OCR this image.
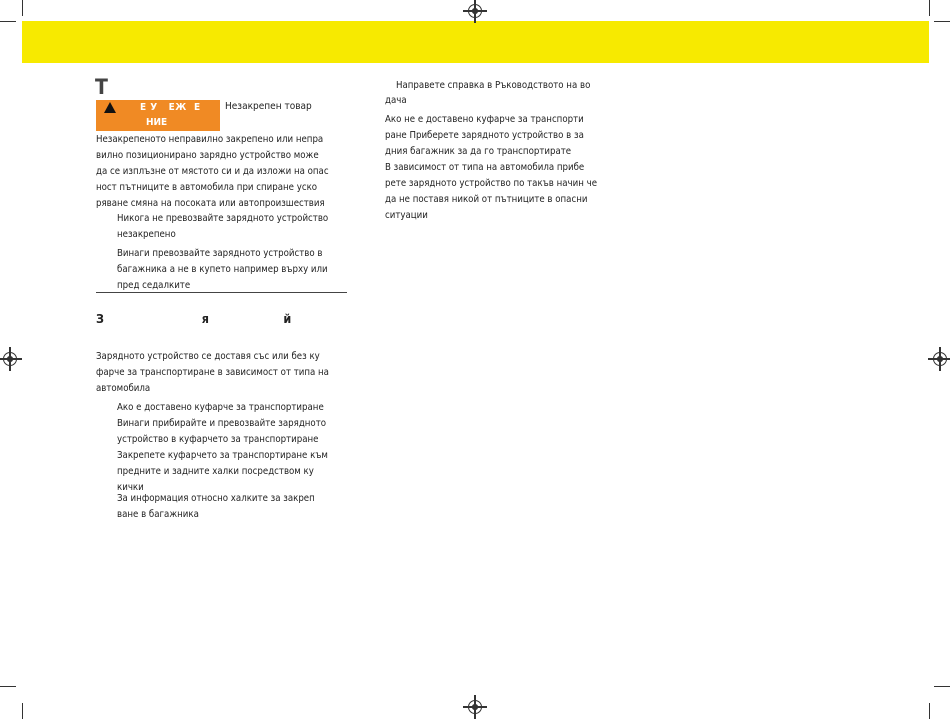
T
Е У   ЕЖ  Е
НИЕ
Незакрепен товар
Незакрепеното неправилно закрепено или непра
вилно позиционирано зарядно устройство може
да се изплъзне от мястото си и да изложи на опас
ност пътниците в автомобила при спиране уско
ряване смяна на посоката или автопроизшествия
Никога не превозвайте зарядното устройство
незакрепено
Винаги превозвайте зарядното устройство в
багажника а не в купето например върху или
пред седалките
З                         я                   й
Зарядното устройство се доставя със или без ку
фарче за транспортиране в зависимост от типа на
автомобила
Ако е доставено куфарче за транспортиране
Винаги прибирайте и превозвайте зарядното
устройство в куфарчето за транспортиране
Закрепете куфарчето за транспортиране към
предните и задните халки посредством ку
кички
За информация относно халките за закреп
ване в багажника
Направете справка в Ръководството на во
дача
Ако не е доставено куфарче за транспорти
ране Приберете зарядното устройство в за
дния багажник за да го транспортирате
В зависимост от типа на автомобила прибе
рете зарядното устройство по такъв начин че
да не поставя никой от пътниците в опасни
ситуации
